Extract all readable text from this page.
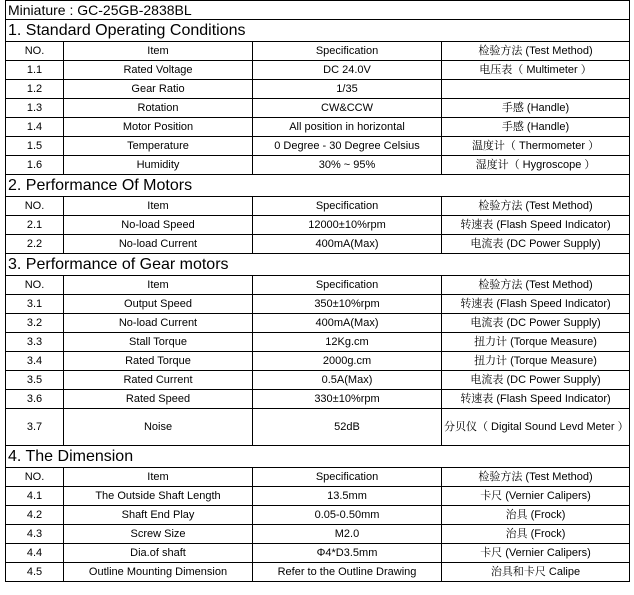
Miniature : GC-25GB-2838BL			
1. Standard Operating Conditions			
NO.	Item	Specification	检验方法 (Test Method)
1.1	Rated Voltage	DC 24.0V	电压表（ Multimeter ）
1.2	Gear Ratio	1/35	
1.3	Rotation	CW&CCW	手感 (Handle)
1.4	Motor Position	All position in horizontal	手感 (Handle)
1.5	Temperature	0 Degree - 30 Degree Celsius	温度计（ Thermometer ）
1.6	Humidity	30% ~ 95%	湿度计（ Hygroscope ）
2. Performance Of Motors			
NO.	Item	Specification	检验方法 (Test Method)
2.1	No-load Speed	12000±10%rpm	转速表 (Flash Speed Indicator)
2.2	No-load Current	400mA(Max)	电流表 (DC Power Supply)
3. Performance of Gear motors			
NO.	Item	Specification	检验方法 (Test Method)
3.1	Output Speed	350±10%rpm	转速表 (Flash Speed Indicator)
3.2	No-load Current	400mA(Max)	电流表 (DC Power Supply)
3.3	Stall Torque	12Kg.cm	扭力计 (Torque Measure)
3.4	Rated Torque	2000g.cm	扭力计 (Torque Measure)
3.5	Rated Current	0.5A(Max)	电流表 (DC Power Supply)
3.6	Rated Speed	330±10%rpm	转速表 (Flash Speed Indicator)
3.7	Noise	52dB	分贝仪（ Digital Sound Levd Meter ）
4. The Dimension			
NO.	Item	Specification	检验方法 (Test Method)
4.1	The Outside Shaft Length	13.5mm	卡尺 (Vernier Calipers)
4.2	Shaft End Play	0.05-0.50mm	治具 (Frock)
4.3	Screw Size	M2.0	治具 (Frock)
4.4	Dia.of shaft	Φ4*D3.5mm	卡尺 (Vernier Calipers)
4.5	Outline Mounting Dimension	Refer to the Outline Drawing	治具和卡尺 Calipe
